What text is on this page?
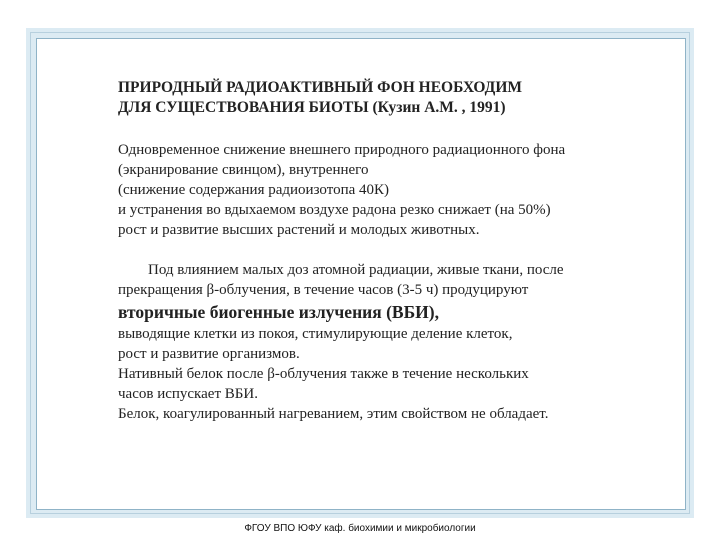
ПРИРОДНЫЙ РАДИОАКТИВНЫЙ ФОН НЕОБХОДИМ
ДЛЯ СУЩЕСТВОВАНИЯ БИОТЫ (Кузин А.М. , 1991)
Одновременное снижение внешнего природного радиационного фона
(экранирование свинцом), внутреннего
(снижение содержания радиоизотопа 40К)
и устранения во вдыхаемом воздухе радона резко снижает (на 50%)
рост и развитие высших растений и молодых животных.
Под влиянием малых доз атомной радиации, живые ткани, после
прекращения β-облучения, в течение часов (3-5 ч) продуцируют
вторичные биогенные излучения (ВБИ),
выводящие клетки из покоя, стимулирующие деление клеток,
рост и развитие организмов.
Нативный белок после β-облучения также в течение нескольких
часов испускает ВБИ.
Белок, коагулированный нагреванием, этим свойством не обладает.
ФГОУ ВПО ЮФУ каф. биохимии и микробиологии
